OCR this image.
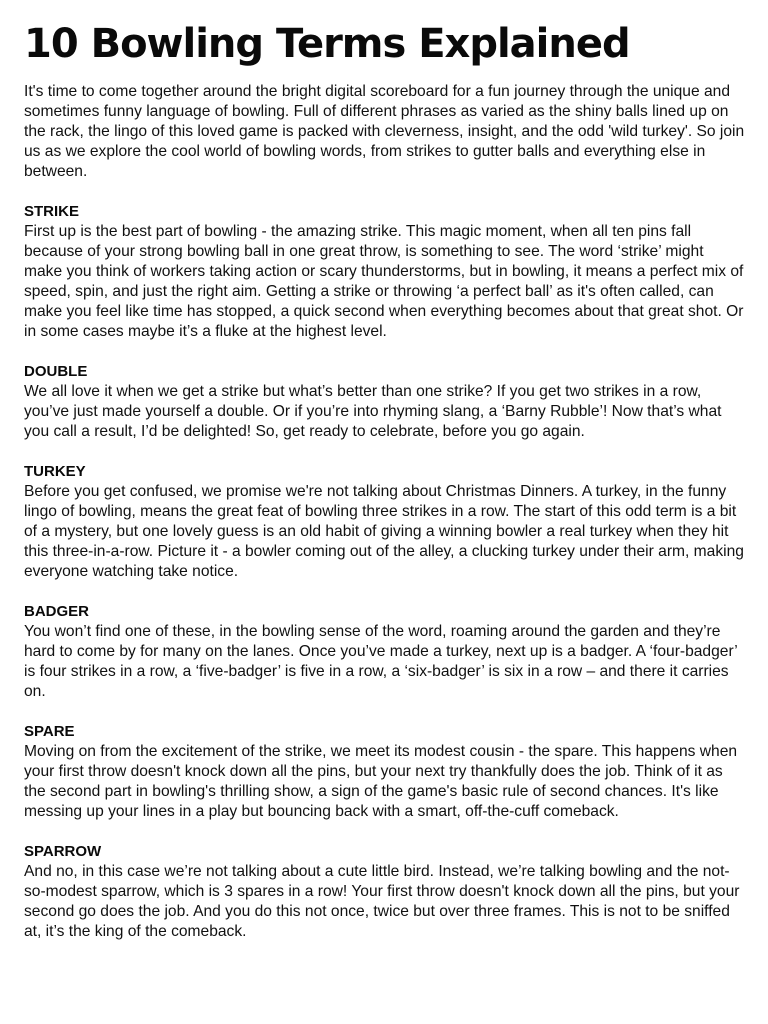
10 Bowling Terms Explained

It's time to come together around the bright digital scoreboard for a fun journey through the unique and sometimes funny language of bowling. Full of different phrases as varied as the shiny balls lined up on the rack, the lingo of this loved game is packed with cleverness, insight, and the odd 'wild turkey'. So join us as we explore the cool world of bowling words, from strikes to gutter balls and everything else in between.

STRIKE

First up is the best part of bowling - the amazing strike. This magic moment, when all ten pins fall because of your strong bowling ball in one great throw, is something to see. The word ‘strike’ might make you think of workers taking action or scary thunderstorms, but in bowling, it means a perfect mix of speed, spin, and just the right aim. Getting a strike or throwing ‘a perfect ball’ as it's often called, can make you feel like time has stopped, a quick second when everything becomes about that great shot. Or in some cases maybe it’s a fluke at the highest level.

DOUBLE

We all love it when we get a strike but what’s better than one strike? If you get two strikes in a row, you’ve just made yourself a double. Or if you’re into rhyming slang, a ‘Barny Rubble’! Now that’s what you call a result, I’d be delighted! So, get ready to celebrate, before you go again.

TURKEY

Before you get confused, we promise we're not talking about Christmas Dinners. A turkey, in the funny lingo of bowling, means the great feat of bowling three strikes in a row. The start of this odd term is a bit of a mystery, but one lovely guess is an old habit of giving a winning bowler a real turkey when they hit this three-in-a-row. Picture it - a bowler coming out of the alley, a clucking turkey under their arm, making everyone watching take notice.

BADGER

You won’t find one of these, in the bowling sense of the word, roaming around the garden and they’re hard to come by for many on the lanes. Once you’ve made a turkey, next up is a badger. A ‘four-badger’ is four strikes in a row, a ‘five-badger’ is five in a row, a ‘six-badger’ is six in a row – and there it carries on.

SPARE

Moving on from the excitement of the strike, we meet its modest cousin - the spare. This happens when your first throw doesn't knock down all the pins, but your next try thankfully does the job. Think of it as the second part in bowling's thrilling show, a sign of the game's basic rule of second chances. It's like messing up your lines in a play but bouncing back with a smart, off-the-cuff comeback.

SPARROW

And no, in this case we’re not talking about a cute little bird. Instead, we’re talking bowling and the not-so-modest sparrow, which is 3 spares in a row! Your first throw doesn't knock down all the pins, but your second go does the job. And you do this not once, twice but over three frames. This is not to be sniffed at, it’s the king of the comeback.
